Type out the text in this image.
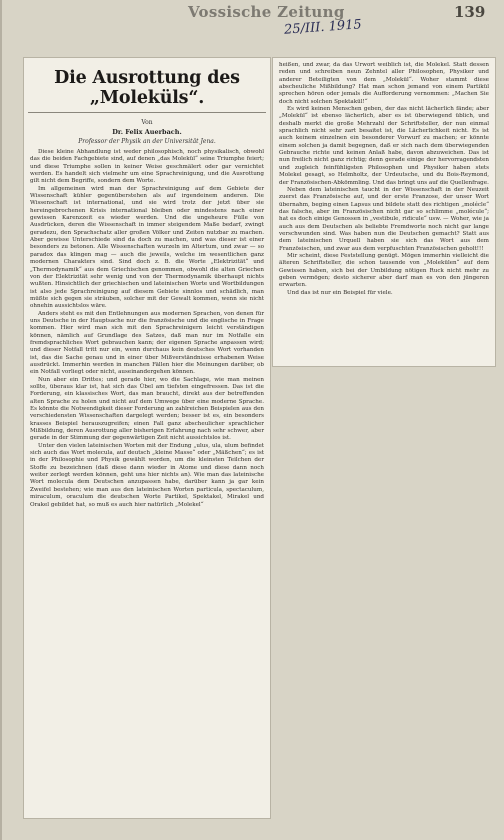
Vossische Zeitung	139
25/III. 1915
Die Ausrottung des „Moleküls“.
Von
Dr. Felix Auerbach.
Professor der Physik an der Universität Jena.

Diese kleine Abhandlung ist weder philosophisch, noch physikalisch, obwohl das die beiden Fachgebiete sind, auf denen „das Molekül“ seine Triumphe feiert; und diese Triumphe sollen in keiner Weise geschmälert oder gar vernichtet werden. Es handelt sich vielmehr um eine Sprachreinigung, und die Ausrottung gilt nicht dem Begriffe, sondern dem Worte.

Im allgemeinen wird man der Sprachreinigung auf dem Gebiete der Wissenschaft kühler gegenüberstehen als auf irgendeinem anderen. Die Wissenschaft ist international, und sie wird trotz der jetzt über sie hereingebrochenen Krisis international bleiben oder mindestens nach einer gewissen Karenzzeit es wieder werden. Und die ungeheure Fülle von Ausdrücken, deren die Wissenschaft in immer steigendem Maße bedarf, zwingt geradezu, den Sprachschatz aller großen Völker und Zeiten nutzbar zu machen. Aber gewisse Unterschiede sind da doch zu machen, und was dieser ist einer besonders zu betonen. Alle Wissenschaften wurzeln im Altertum, und zwar — so paradox das klingen mag — auch die jeweils, welche im wesentlichen ganz modernen Charakters sind. Sind doch z. B. die Worte „Elektrizität“ und „Thermodynamik“ aus dem Griechischen genommen, obwohl die alten Griechen von der Elektrizität sehr wenig und von der Thermodynamik überhaupt nichts wußten. Hinsichtlich der griechischen und lateinischen Worte und Wortbildungen ist also jede Sprachreinigung auf diesem Gebiete sinnlos und schädlich, man müßte sich gegen sie sträuben, solcher mit der Gewalt kommen, wenn sie nicht ohnehin aussichtslos wäre.

Anders steht es mit den Entlehnungen aus modernen Sprachen, von denen für uns Deutsche in der Hauptsache nur die französische und die englische in Frage kommen. Hier wird man sich mit den Sprachreinigern leicht verständigen können, nämlich auf Grundlage des Satzes, daß man nur im Notfalle ein fremdsprachliches Wort gebrauchen kann; der eigenen Sprache anpassen wird; und dieser Notfall tritt nur ein, wenn durchaus kein deutsches Wort vorhanden ist, das die Sache genau und in einer über Mißverständnisse erhabenen Weise ausdrückt. Immerhin werden in manchen Fällen hier die Meinungen darüber, ob ein Notfall vorliegt oder nicht, auseinandergehen können.

Nun aber ein Drittes; und gerade hier, wo die Sachlage, wie man meinen sollte, überaus klar ist, hat sich das Übel am tiefsten eingefressen. Das ist die Forderung, ein klassisches Wort, das man braucht, direkt aus der betreffenden alten Sprache zu holen und nicht auf dem Umwege über eine moderne Sprache. Es könnte die Notwendigkeit dieser Forderung an zahlreichen Beispielen aus den verschiedensten Wissenschaften dargelegt werden; besser ist es, ein besonders krasses Beispiel herauszugreifen; einen Fall ganz abscheulicher sprachlicher Mißbildung, deren Ausrottung aller bisherigen Erfahrung nach sehr schwer, aber gerade in der Stimmung der gegenwärtigen Zeit nicht aussichtslos ist.

Unter den vielen lateinischen Worten mit der Endung „ulus, ula, ulum befindet sich auch das Wort molecula, auf deutsch „kleine Masse“ oder „Mäßchen“; es ist in der Philosophie und Physik gewählt worden, um die kleinsten Teilchen der Stoffe zu bezeichnen (daß diese dann wieder in Atome und diese dann noch weiter zerlegt werden können, geht uns hier nichts an). Wie man das lateinische Wort molecula dem Deutschen anzupassen habe, darüber kann ja gar kein Zweifel bestehen; wie man aus den lateinischen Worten particula, spectaculum, miraculum, oraculum die deutschen Worte Partikel, Spektakel, Mirakel und Orakel gebildet hat, so muß es auch hier natürlich „Molekel“

heißen, und zwar, da das Urwort weiblich ist, die Molekel. Statt dessen reden und schreiben neun Zehntel aller Philosophen, Physiker und anderer Beteiligten von dem „Molekül“. Woher stammt diese abscheuliche Mißbildung? Hat man schon jemand von einem Partikül sprechen hören oder jemals die Aufforderung vernommen: „Machen Sie doch nicht solchen Spektakül!“

Es wird keinen Menschen geben, der das nicht lächerlich fände; aber „Molekül“ ist ebenso lächerlich, aber es ist überwiegend üblich, und deshalb merkt die große Mehrzahl der Schriftsteller, der nun einmal sprachlich nicht sehr zart besaitet ist, die Lächerlichkeit nicht. Es ist auch keinem einzelnen ein besonderer Vorwurf zu machen; er könnte einem solchen ja damit begegnen, daß er sich nach dem überwiegenden Gebrauche richte und keinen Anlaß habe, davon abzuweichen. Das ist nun freilich nicht ganz richtig; denn gerade einige der hervorragendsten und zugleich feinfühligsten Philosophen und Physiker haben stets Molekel gesagt, so Helmholtz, der Urdeutsche, und du Bois-Reymond, der Französischen-Abkömmling. Und das bringt uns auf die Quellenfrage.

Neben dem lateinischen taucht in der Wissenschaft in der Neuzeit zuerst das Französische auf, und der erste Franzose, der unser Wort übernahm, beging einen Lapsus und bildete statt des richtigen „molécle“ das falsche, aber im Französischen nicht gar so schlimme „molécule“; hat es doch einige Genossen in „vestibule, ridicule“ usw. — Woher, wie ja auch aus dem Deutschen als beliebte Fremdworte noch nicht gar lange verschwunden sind. Was haben nun die Deutschen gemacht? Statt aus dem lateinischen Urquell haben sie sich das Wort aus dem Französischen, und zwar aus dem verpfuschten Französischen geholt!!!

Mir scheint, diese Feststellung genügt. Mögen immerhin vielleicht die älteren Schriftsteller, die schon tausende von „Molekülen“ auf dem Gewissen haben, sich bei der Umbildung nötigen Ruck nicht mehr zu geben vermögen; desto sicherer aber darf man es von den jüngeren erwarten.

Und das ist nur ein Beispiel für viele.
